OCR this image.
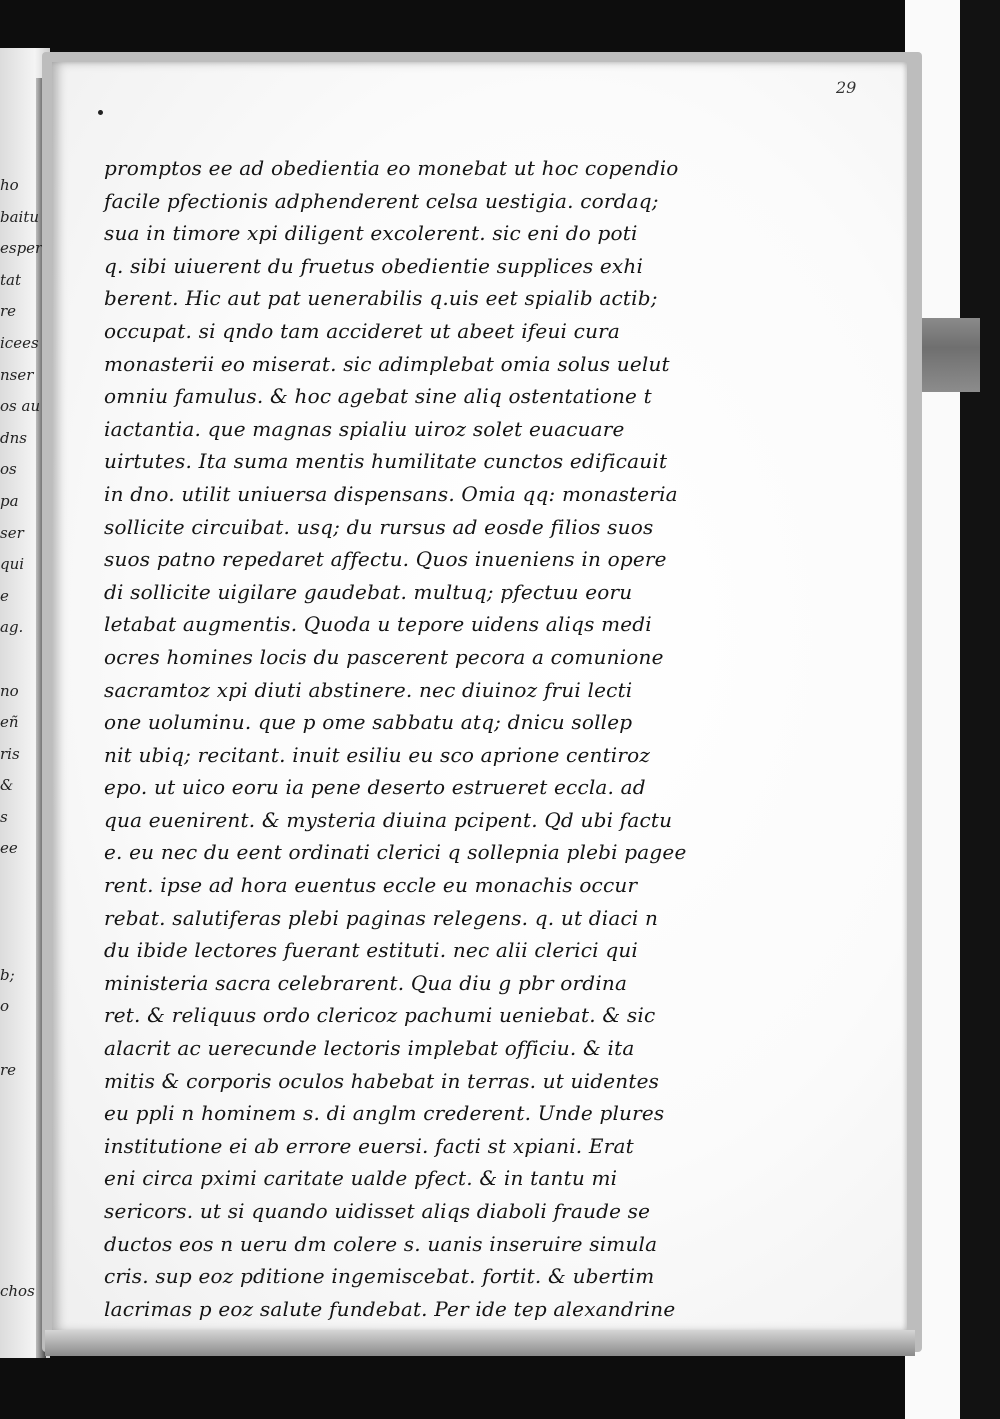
ho
baitu
esper
tat
re
icees
nser
os au
dns
os
pa
ser
qui
e
ag.
no
eñ
ris
&
s
ee
b;
o
re
chos
29
promptos ee ad obedientia eo monebat ut hoc copendio
facile pfectionis adphenderent celsa uestigia. cordaq;
sua in timore xpi diligent excolerent. sic eni do poti
q. sibi uiuerent du fruetus obedientie supplices exhi
berent. Hic aut pat uenerabilis q.uis eet spialib actib;
occupat. si qndo tam accideret ut abeet ifeui cura
monasterii eo miserat. sic adimplebat omia solus uelut
omniu famulus. & hoc agebat sine aliq ostentatione t
iactantia. que magnas spialiu uiroz solet euacuare
uirtutes. Ita suma mentis humilitate cunctos edificauit
in dno. utilit uniuersa dispensans. Omia qq: monasteria
sollicite circuibat. usq; du rursus ad eosde filios suos
suos patno repedaret affectu. Quos inueniens in opere
di sollicite uigilare gaudebat. multuq; pfectuu eoru
letabat augmentis. Quoda u tepore uidens aliqs medi
ocres homines locis du pascerent pecora a comunione
sacramtoz xpi diuti abstinere. nec diuinoz frui lecti
one uoluminu. que p ome sabbatu atq; dnicu sollep
nit ubiq; recitant. inuit esiliu eu sco aprione centiroz
epo. ut uico eoru ia pene deserto estrueret eccla. ad
qua euenirent. & mysteria diuina pcipent. Qd ubi factu
e. eu nec du eent ordinati clerici q sollepnia plebi pagee
rent. ipse ad hora euentus eccle eu monachis occur
rebat. salutiferas plebi paginas relegens. q. ut diaci n
du ibide lectores fuerant estituti. nec alii clerici qui
ministeria sacra celebrarent. Qua diu g pbr ordina
ret. & reliquus ordo clericoz pachumi ueniebat. & sic
alacrit ac uerecunde lectoris implebat officiu. & ita
mitis & corporis oculos habebat in terras. ut uidentes
eu ppli n hominem s. di anglm crederent. Unde plures
institutione ei ab errore euersi. facti st xpiani. Erat
eni circa pximi caritate ualde pfect. & in tantu mi
sericors. ut si quando uidisset aliqs diaboli fraude se
ductos eos n ueru dm colere s. uanis inseruire simula
cris. sup eoz pditione ingemiscebat. fortit. & ubertim
lacrimas p eoz salute fundebat. Per idе tep alexandrine
